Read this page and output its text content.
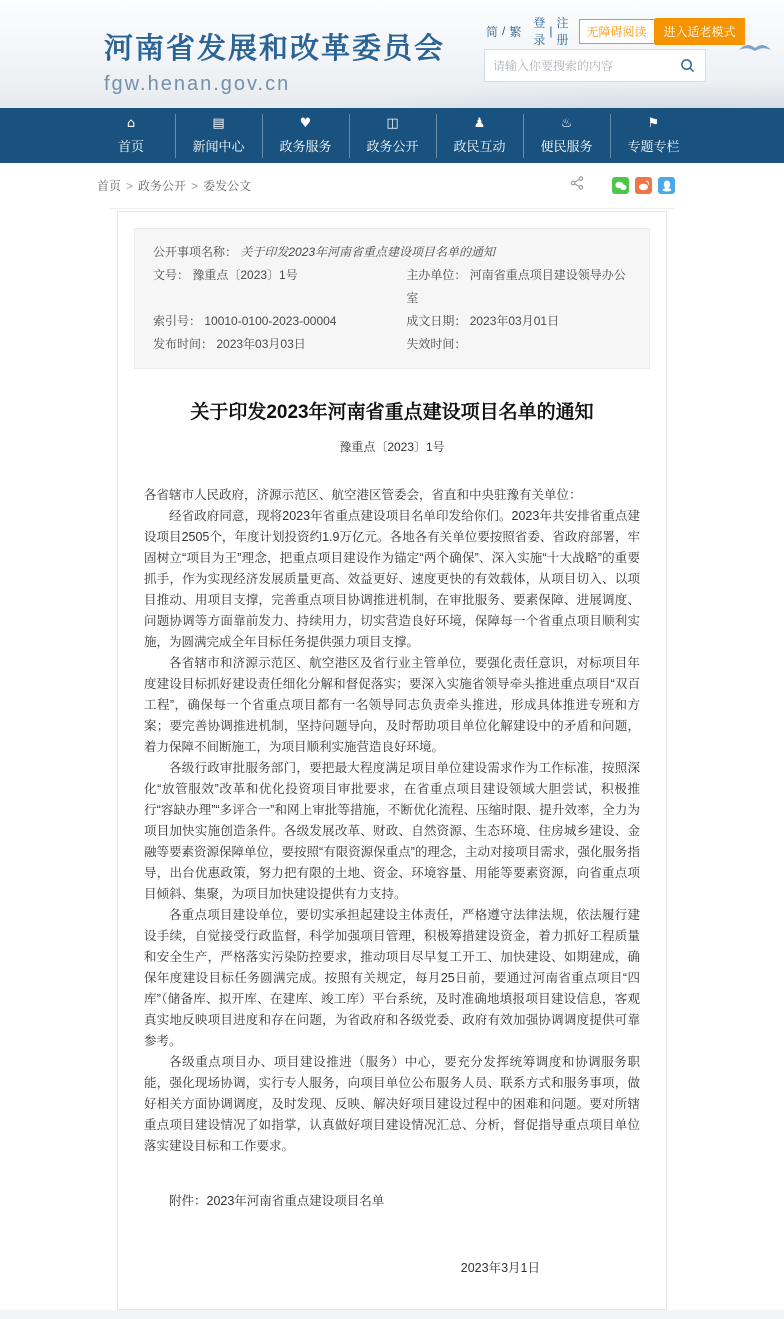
河南省发展和改革委员会
fgw.henan.gov.cn
简 / 繁
登录
|
注册
无障碍阅读	进入适老模式
请输入你要搜索的内容
⌂
首页
▤
新闻中心
♥
政务服务
◫
政务公开
♟
政民互动
♨
便民服务
⚑
专题专栏
首页 > 政务公开 > 委发公文
公开事项名称： 关于印发2023年河南省重点建设项目名单的通知
文号： 豫重点〔2023〕1号	主办单位： 河南省重点项目建设领导办公室
索引号： 10010-0100-2023-00004	成文日期： 2023年03月01日
发布时间： 2023年03月03日	失效时间：
关于印发2023年河南省重点建设项目名单的通知
豫重点〔2023〕1号

各省辖市人民政府，济源示范区、航空港区管委会，省直和中央驻豫有关单位：

经省政府同意，现将2023年省重点建设项目名单印发给你们。2023年共安排省重点建设项目2505个，年度计划投资约1.9万亿元。各地各有关单位要按照省委、省政府部署，牢固树立“项目为王”理念，把重点项目建设作为锚定“两个确保”、深入实施“十大战略”的重要抓手，作为实现经济发展质量更高、效益更好、速度更快的有效载体，从项目切入、以项目推动、用项目支撑，完善重点项目协调推进机制，在审批服务、要素保障、进展调度、问题协调等方面靠前发力、持续用力，切实营造良好环境，保障每一个省重点项目顺利实施，为圆满完成全年目标任务提供强力项目支撑。

各省辖市和济源示范区、航空港区及省行业主管单位，要强化责任意识，对标项目年度建设目标抓好建设责任细化分解和督促落实；要深入实施省领导牵头推进重点项目“双百工程”，确保每一个省重点项目都有一名领导同志负责牵头推进，形成具体推进专班和方案；要完善协调推进机制，坚持问题导向，及时帮助项目单位化解建设中的矛盾和问题，着力保障不间断施工，为项目顺利实施营造良好环境。

各级行政审批服务部门，要把最大程度满足项目单位建设需求作为工作标准，按照深化“放管服效”改革和优化投资项目审批要求，在省重点项目建设领域大胆尝试，积极推行“容缺办理”“多评合一”和网上审批等措施，不断优化流程、压缩时限、提升效率，全力为项目加快实施创造条件。各级发展改革、财政、自然资源、生态环境、住房城乡建设、金融等要素资源保障单位，要按照“有限资源保重点”的理念，主动对接项目需求，强化服务指导，出台优惠政策，努力把有限的土地、资金、环境容量、用能等要素资源，向省重点项目倾斜、集聚，为项目加快建设提供有力支持。

各重点项目建设单位，要切实承担起建设主体责任，严格遵守法律法规，依法履行建设手续，自觉接受行政监督，科学加强项目管理，积极筹措建设资金，着力抓好工程质量和安全生产，严格落实污染防控要求，推动项目尽早复工开工、加快建设、如期建成，确保年度建设目标任务圆满完成。按照有关规定，每月25日前，要通过河南省重点项目“四库”（储备库、拟开库、在建库、竣工库）平台系统，及时准确地填报项目建设信息，客观真实地反映项目进度和存在问题，为省政府和各级党委、政府有效加强协调调度提供可靠参考。

各级重点项目办、项目建设推进（服务）中心，要充分发挥统筹调度和协调服务职能，强化现场协调，实行专人服务，向项目单位公布服务人员、联系方式和服务事项，做好相关方面协调调度，及时发现、反映、解决好项目建设过程中的困难和问题。要对所辖重点项目建设情况了如指掌，认真做好项目建设情况汇总、分析，督促指导重点项目单位落实建设目标和工作要求。

附件：2023年河南省重点建设项目名单

2023年3月1日
